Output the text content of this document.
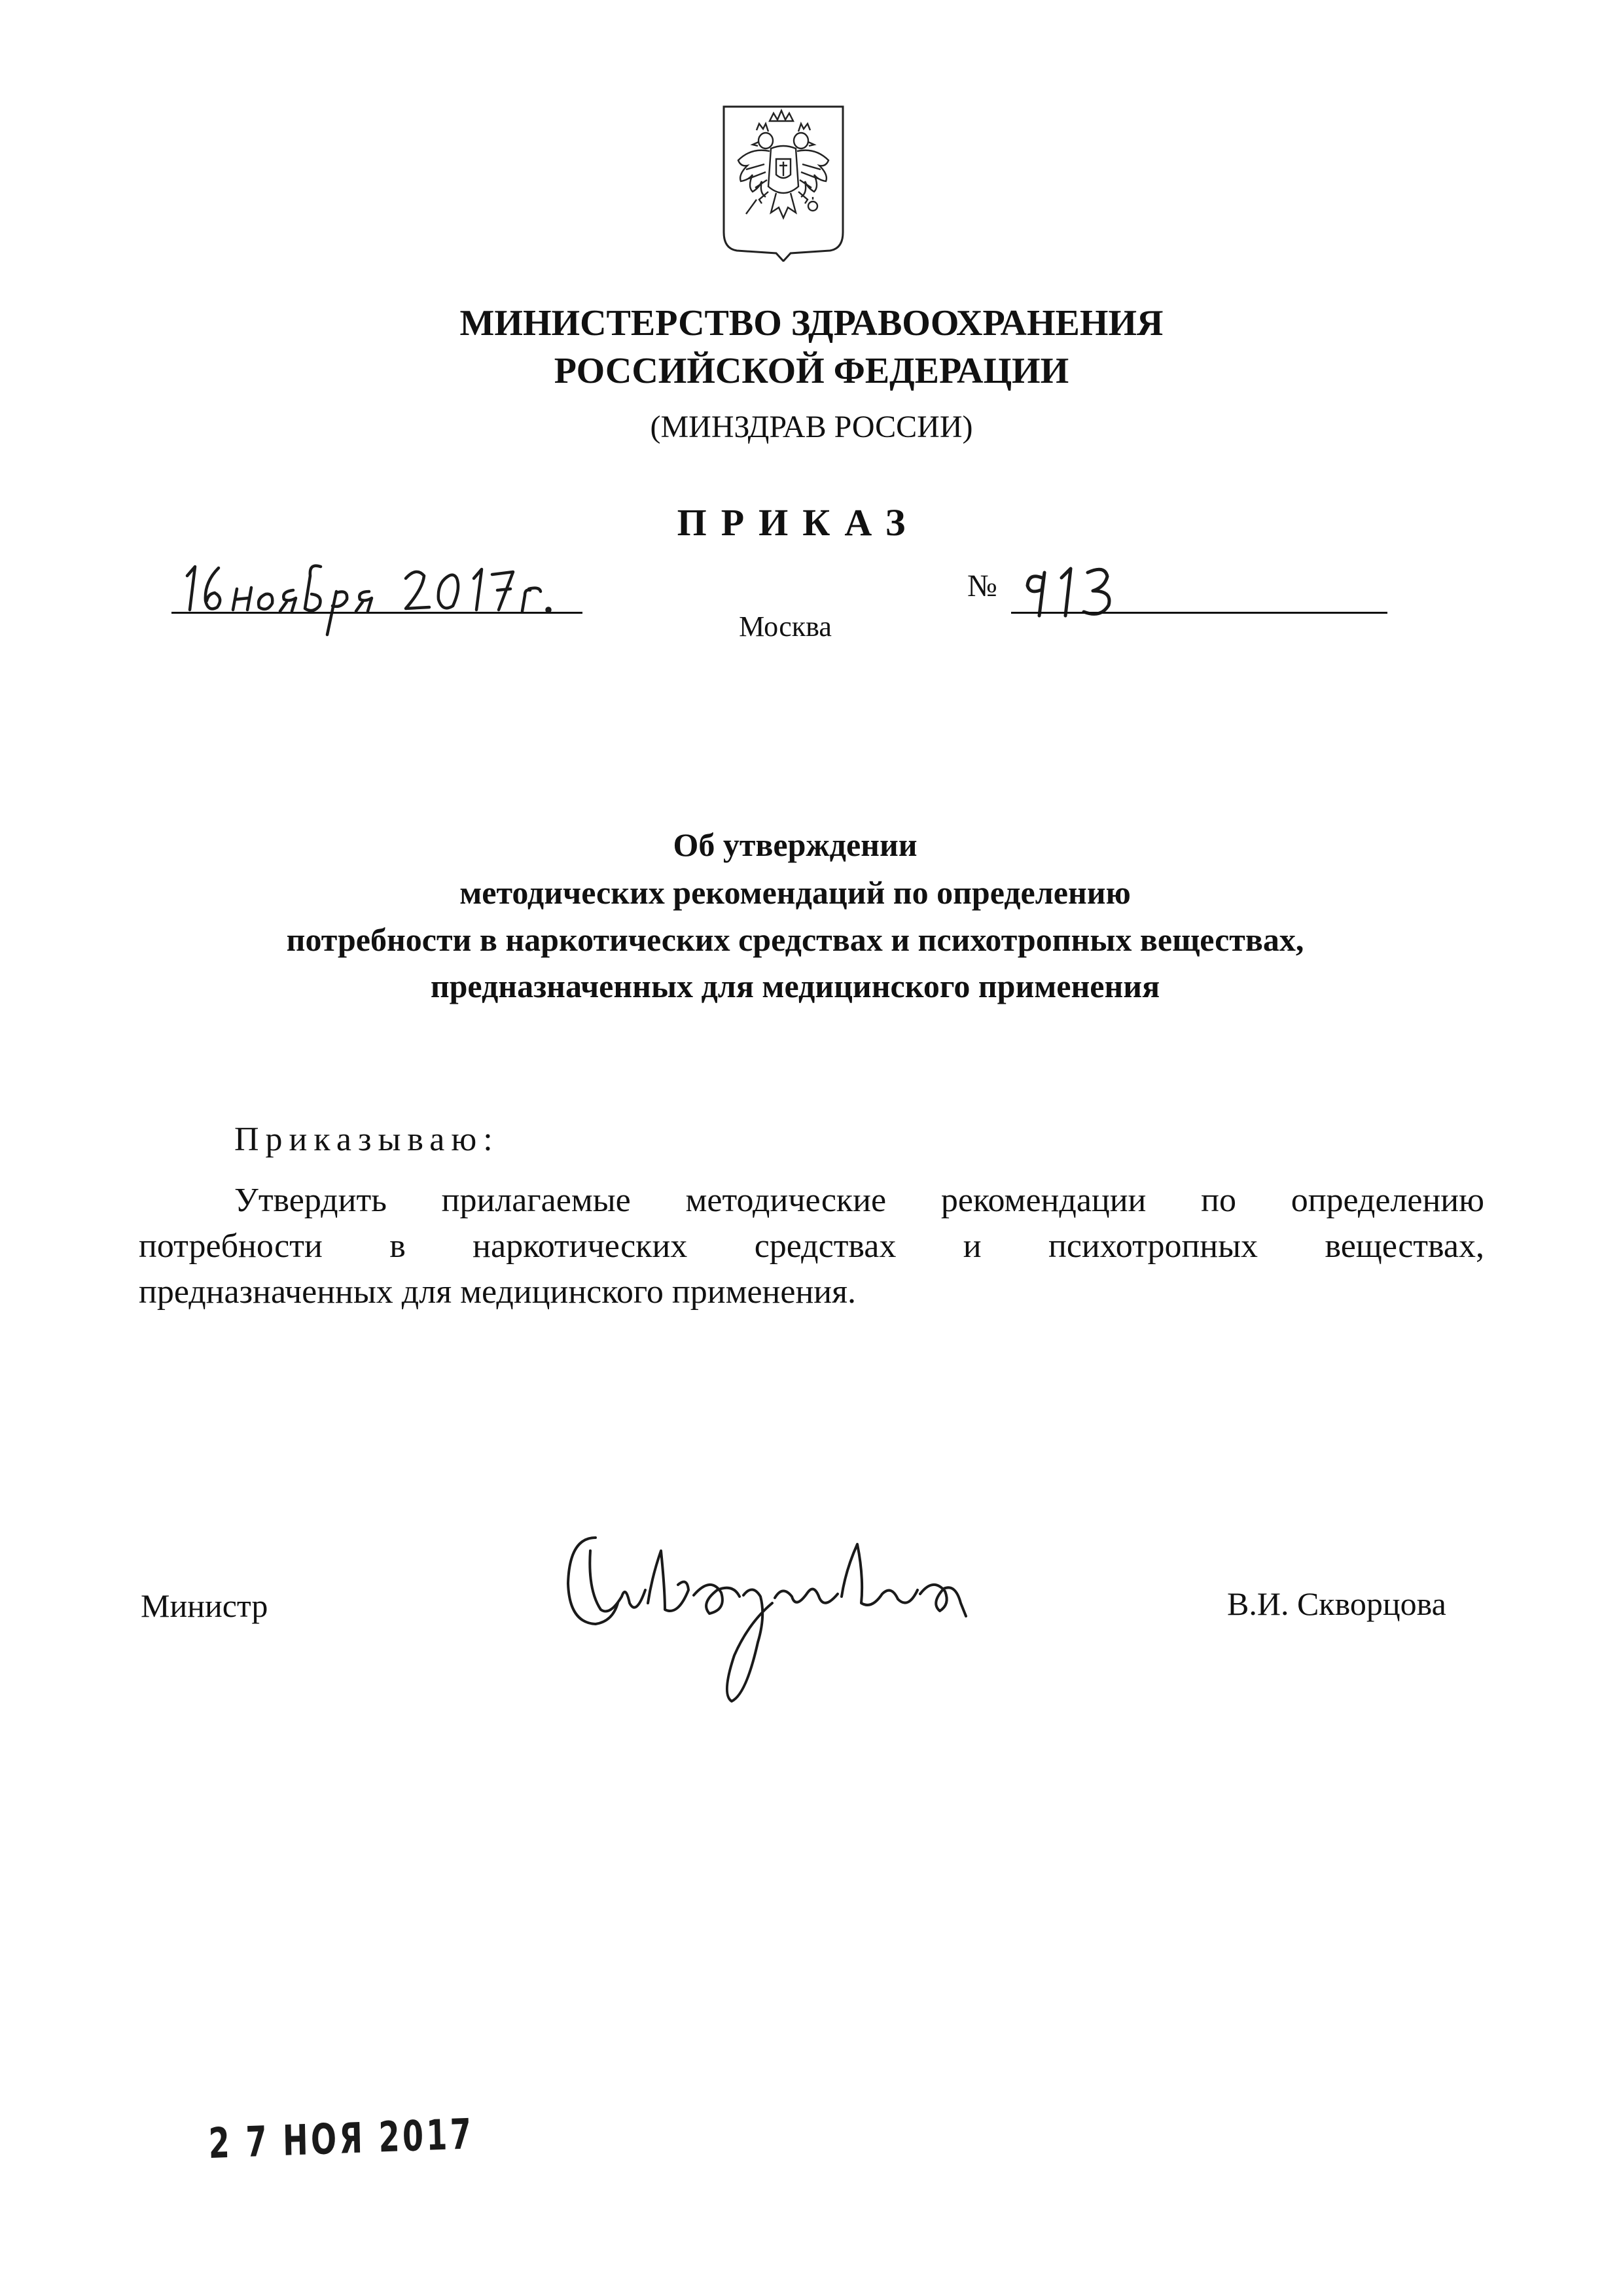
МИНИСТЕРСТВО ЗДРАВООХРАНЕНИЯ
РОССИЙСКОЙ ФЕДЕРАЦИИ
(МИНЗДРАВ РОССИИ)
ПРИКАЗ
№
Москва
Об утверждении
методических рекомендаций по определению
потребности в наркотических средствах и психотропных веществах,
предназначенных для медицинского применения
Приказываю:
Утвердить прилагаемые методические рекомендации по определению
потребности в наркотических средствах и психотропных веществах,
предназначенных для медицинского применения.
Министр	В.И. Скворцова
2 7 НОЯ 2017
